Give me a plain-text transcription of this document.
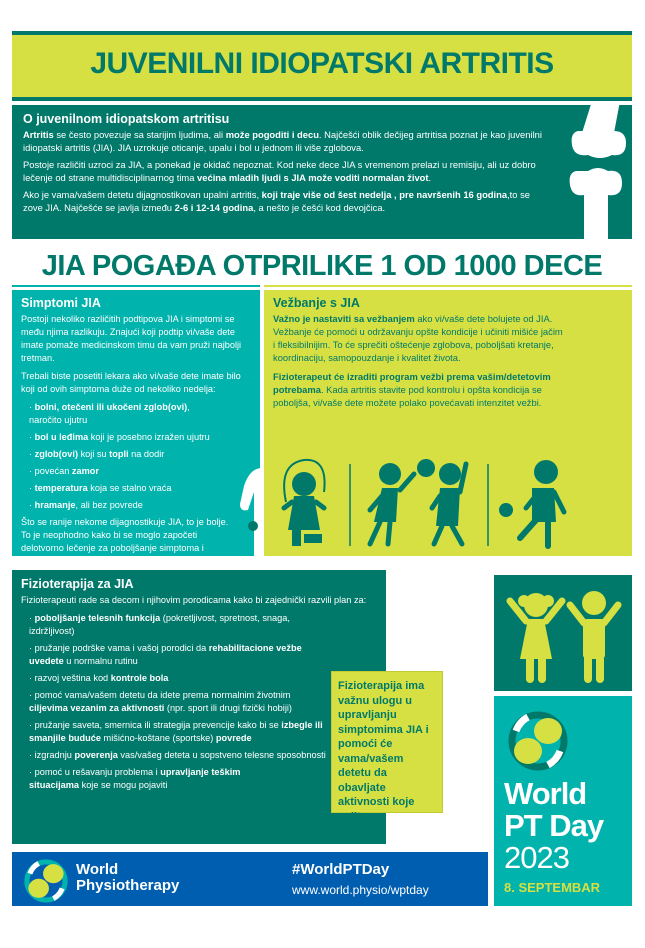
JUVENILNI IDIOPATSKI ARTRITIS
O juvenilnom idiopatskom artritisu

Artritis se često povezuje sa starijim ljudima, ali može pogoditi i decu. Najčešći oblik dečijeg artritisa poznat je kao juvenilni idiopatski artritis (JIA). JIA uzrokuje oticanje, upalu i bol u jednom ili više zglobova.

Postoje različiti uzroci za JIA, a ponekad je okidač nepoznat. Kod neke dece JIA s vremenom prelazi u remisiju, ali uz dobro lečenje od strane multidisciplinarnog tima većina mladih ljudi s JIA može voditi normalan život.

Ako je vama/vašem detetu dijagnostikovan upalni artritis, koji traje više od šest nedelja , pre navršenih 16 godina,to se zove JIA. Najčešće se javlja između 2-6 i 12-14 godina, a nešto je češći kod devojčica.

JIA POGAĐA OTPRILIKE 1 OD 1000 DECE
Simptomi JIA

Postoji nekoliko različitih podtipova JIA i simptomi se među njima razlikuju. Znajući koji podtip vi/vaše dete imate pomaže medicinskom timu da vam pruži najbolji tretman.

Trebali biste posetiti lekara ako vi/vaše dete imate bilo koji od ovih simptoma duže od nekoliko nedelja:

· bolni, otečeni ili ukočeni zglob(ovi), naročito ujutru
· bol u leđima koji je posebno izražen ujutru
· zglob(ovi) koji su topli na dodir
· povećan zamor
· temperatura koja se stalno vraća
· hramanje, ali bez povrede

Što se ranije nekome dijagnostikuje JIA, to je bolje. To je neophodno kako bi se moglo započeti delotvorno lečenje za poboljšanje simptoma i povratak svakodnevnim aktivnostima

Vežbanje s JIA

Važno je nastaviti sa vežbanjem ako vi/vaše dete bolujete od JIA. Vežbanje će pomoći u održavanju opšte kondicije i učiniti mišiće jačim i fleksibilnijim. To će sprečiti oštećenje zglobova, poboljšati kretanje, koordinaciju, samopouzdanje i kvalitet života.

Fizioterapeut će izraditi program vežbi prema vašim/detetovim potrebama. Kada artritis stavite pod kontrolu i opšta kondicija se poboljša, vi/vaše dete možete polako povećavati intenzitet vežbi.

Fizioterapija za JIA

Fizioterapeuti rade sa decom i njihovim porodicama kako bi zajednički razvili plan za:

· poboljšanje telesnih funkcija (pokretljivost, spretnost, snaga, izdržljivost)
· pružanje podrške vama i vašoj porodici da rehabilitacione vežbe uvedete u normalnu rutinu
· razvoj veština kod kontrole bola
· pomoć vama/vašem detetu da idete prema normalnim životnim ciljevima vezanim za aktivnosti (npr. sport ili drugi fizički hobiji)
· pružanje saveta, smernica ili strategija prevencije kako bi se izbegle ili smanjile buduće mišićno-koštane (sportske) povrede
· izgradnju poverenja vas/vašeg deteta u sopstveno telesne sposobnosti
· pomoć u rešavanju problema i upravljanje teškim situacijama koje se mogu pojaviti
Fizioterapija ima važnu ulogu u upravljanju simptomima JIA i pomoći će vama/vašem detetu da obavljate aktivnosti koje volite.
World
PT Day
2023
8. SEPTEMBAR
World
Physiotherapy
#WorldPTDay
www.world.physio/wptday
